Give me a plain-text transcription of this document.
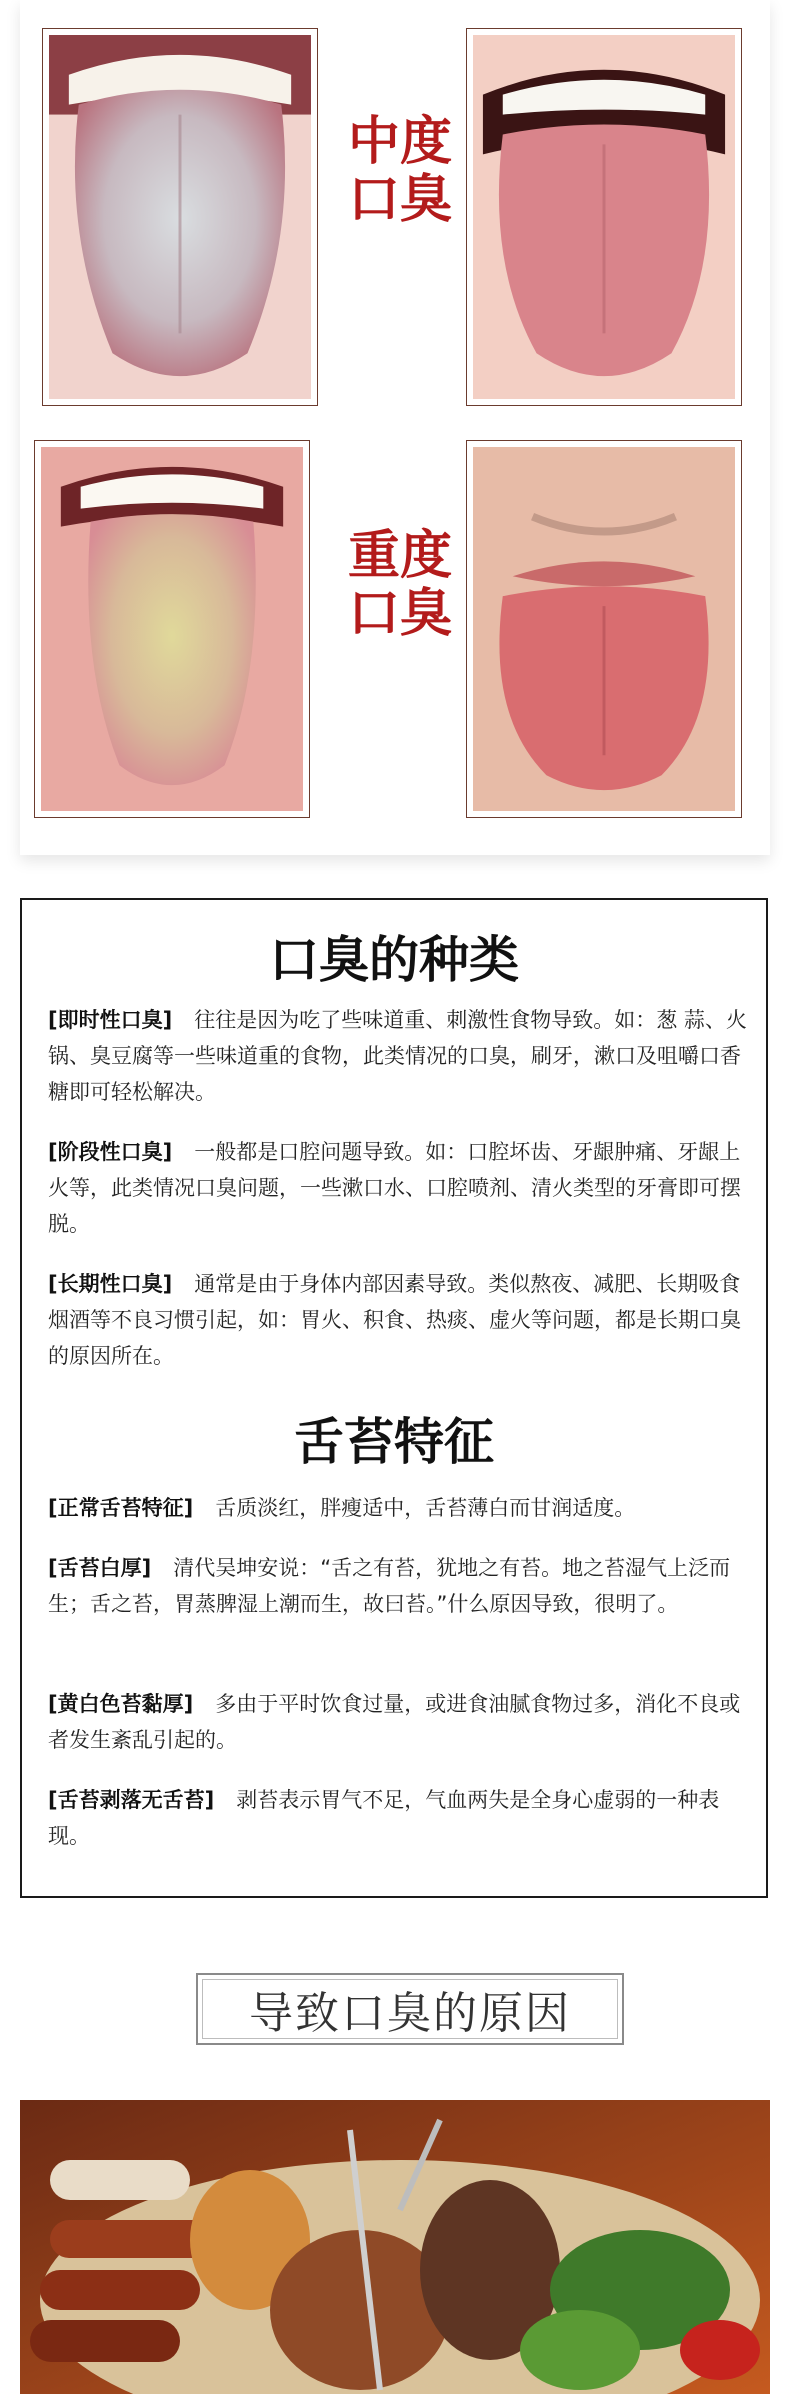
中度
口臭
重度
口臭
口臭的种类

[即时性口臭] 往往是因为吃了些味道重、刺激性食物导致。如：葱 蒜、火锅、臭豆腐等一些味道重的食物，此类情况的口臭，刷牙，漱口及咀嚼口香糖即可轻松解决。

[阶段性口臭] 一般都是口腔问题导致。如：口腔坏齿、牙龈肿痛、牙龈上火等，此类情况口臭问题，一些漱口水、口腔喷剂、清火类型的牙膏即可摆脱。

[长期性口臭] 通常是由于身体内部因素导致。类似熬夜、减肥、长期吸食烟酒等不良习惯引起，如：胃火、积食、热痰、虚火等问题，都是长期口臭的原因所在。

舌苔特征

[正常舌苔特征] 舌质淡红，胖瘦适中，舌苔薄白而甘润适度。

[舌苔白厚] 清代吴坤安说：“舌之有苔，犹地之有苔。地之苔湿气上泛而生；舌之苔，胃蒸脾湿上潮而生，故曰苔。”什么原因导致，很明了。

[黄白色苔黏厚] 多由于平时饮食过量，或进食油腻食物过多，消化不良或者发生紊乱引起的。

[舌苔剥落无舌苔] 剥苔表示胃气不足，气血两失是全身心虚弱的一种表现。

导致口臭的原因
